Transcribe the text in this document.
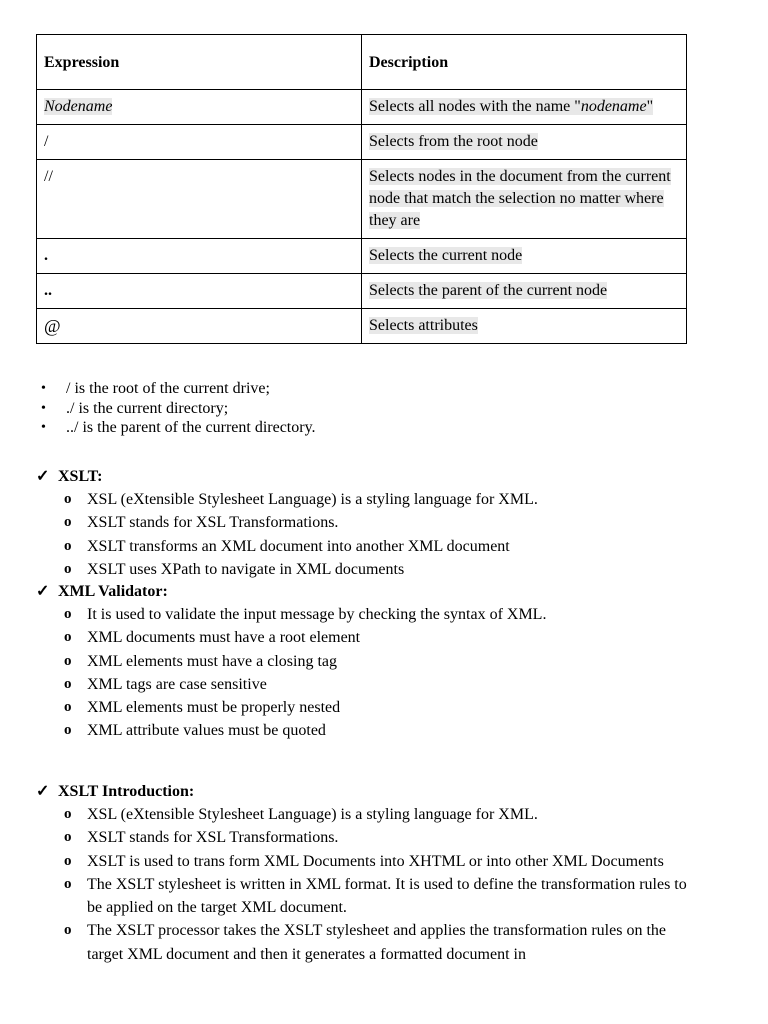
Expression	Description
Nodename	Selects all nodes with the name "nodename"
/	Selects from the root node
//	Selects nodes in the document from the current node that match the selection no matter where they are
.	Selects the current node
..	Selects the parent of the current node
@	Selects attributes
• / is the root of the current drive;
• ./ is the current directory;
• ../ is the parent of the current directory.
✓ XSLT:
o XSL (eXtensible Stylesheet Language) is a styling language for XML.
o XSLT stands for XSL Transformations.
o XSLT transforms an XML document into another XML document
o XSLT uses XPath to navigate in XML documents
✓ XML Validator:
o It is used to validate the input message by checking the syntax of XML.
o XML documents must have a root element
o XML elements must have a closing tag
o XML tags are case sensitive
o XML elements must be properly nested
o XML attribute values must be quoted
✓ XSLT Introduction:
o XSL (eXtensible Stylesheet Language) is a styling language for XML.
o XSLT stands for XSL Transformations.
o XSLT is used to trans form XML Documents into XHTML or into other XML Documents
o The XSLT stylesheet is written in XML format. It is used to define the transformation rules to be applied on the target XML document.
o The XSLT processor takes the XSLT stylesheet and applies the transformation rules on the target XML document and then it generates a formatted document in
